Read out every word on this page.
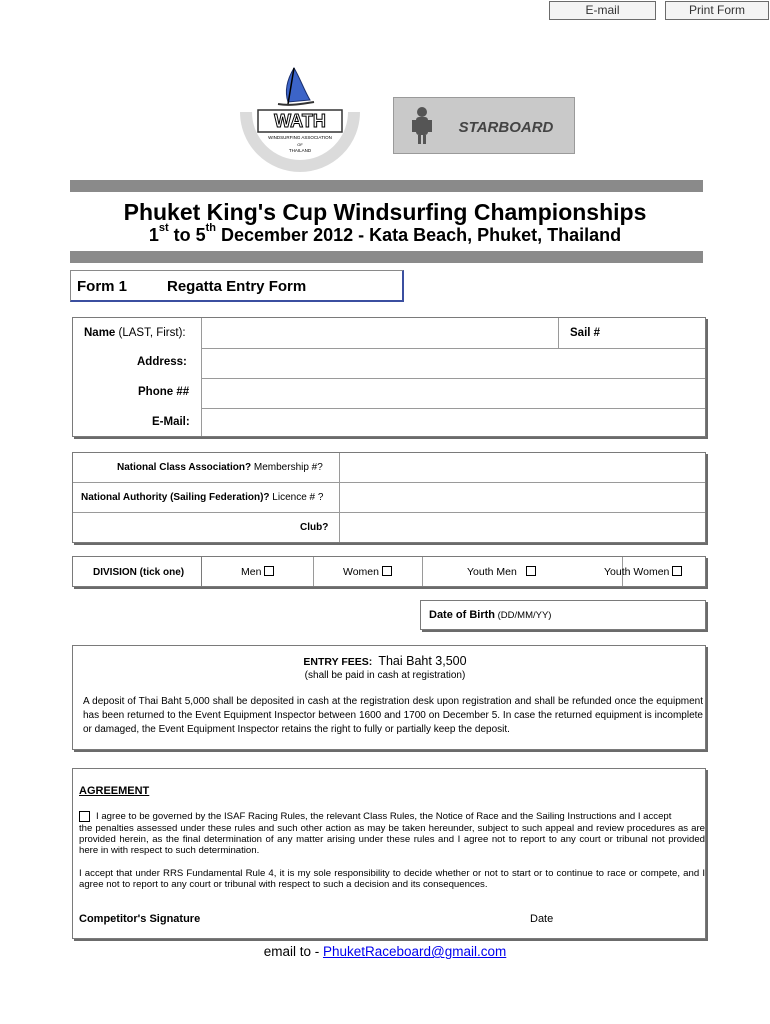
E-mail	Print Form
WATH
WINDSURFING ASSOCIATION
OF
THAILAND
STARBOARD
Phuket King's Cup Windsurfing Championships
1st to 5th December 2012 - Kata Beach, Phuket, Thailand
Form 1	Regatta Entry Form
Name (LAST, First):	Sail #
Address:
Phone ##
E-Mail:
National Class Association? Membership #?
National Authority (Sailing Federation)? Licence # ?
Club?
DIVISION (tick one)	Men	Women	Youth Men	Youth Women
Date of Birth (DD/MM/YY)
ENTRY FEES: Thai Baht 3,500
(shall be paid in cash at registration)
A deposit of Thai Baht 5,000 shall be deposited in cash at the registration desk upon registration and shall be refunded once the equipment has been returned to the Event Equipment Inspector between 1600 and 1700 on December 5. In case the returned equipment is incomplete or damaged, the Event Equipment Inspector retains the right to fully or partially keep the deposit.
AGREEMENT
I agree to be governed by the ISAF Racing Rules, the relevant Class Rules, the Notice of Race and the Sailing Instructions and I accept
the penalties assessed under these rules and such other action as may be taken hereunder, subject to such appeal and review procedures as are provided herein, as the final determination of any matter arising under these rules and I agree not to report to any court or tribunal not provided here in with respect to such determination.
I accept that under RRS Fundamental Rule 4, it is my sole responsibility to decide whether or not to start or to continue to race or compete, and I agree not to report to any court or tribunal with respect to such a decision and its consequences.
Competitor's Signature	Date
email to - PhuketRaceboard@gmail.com
